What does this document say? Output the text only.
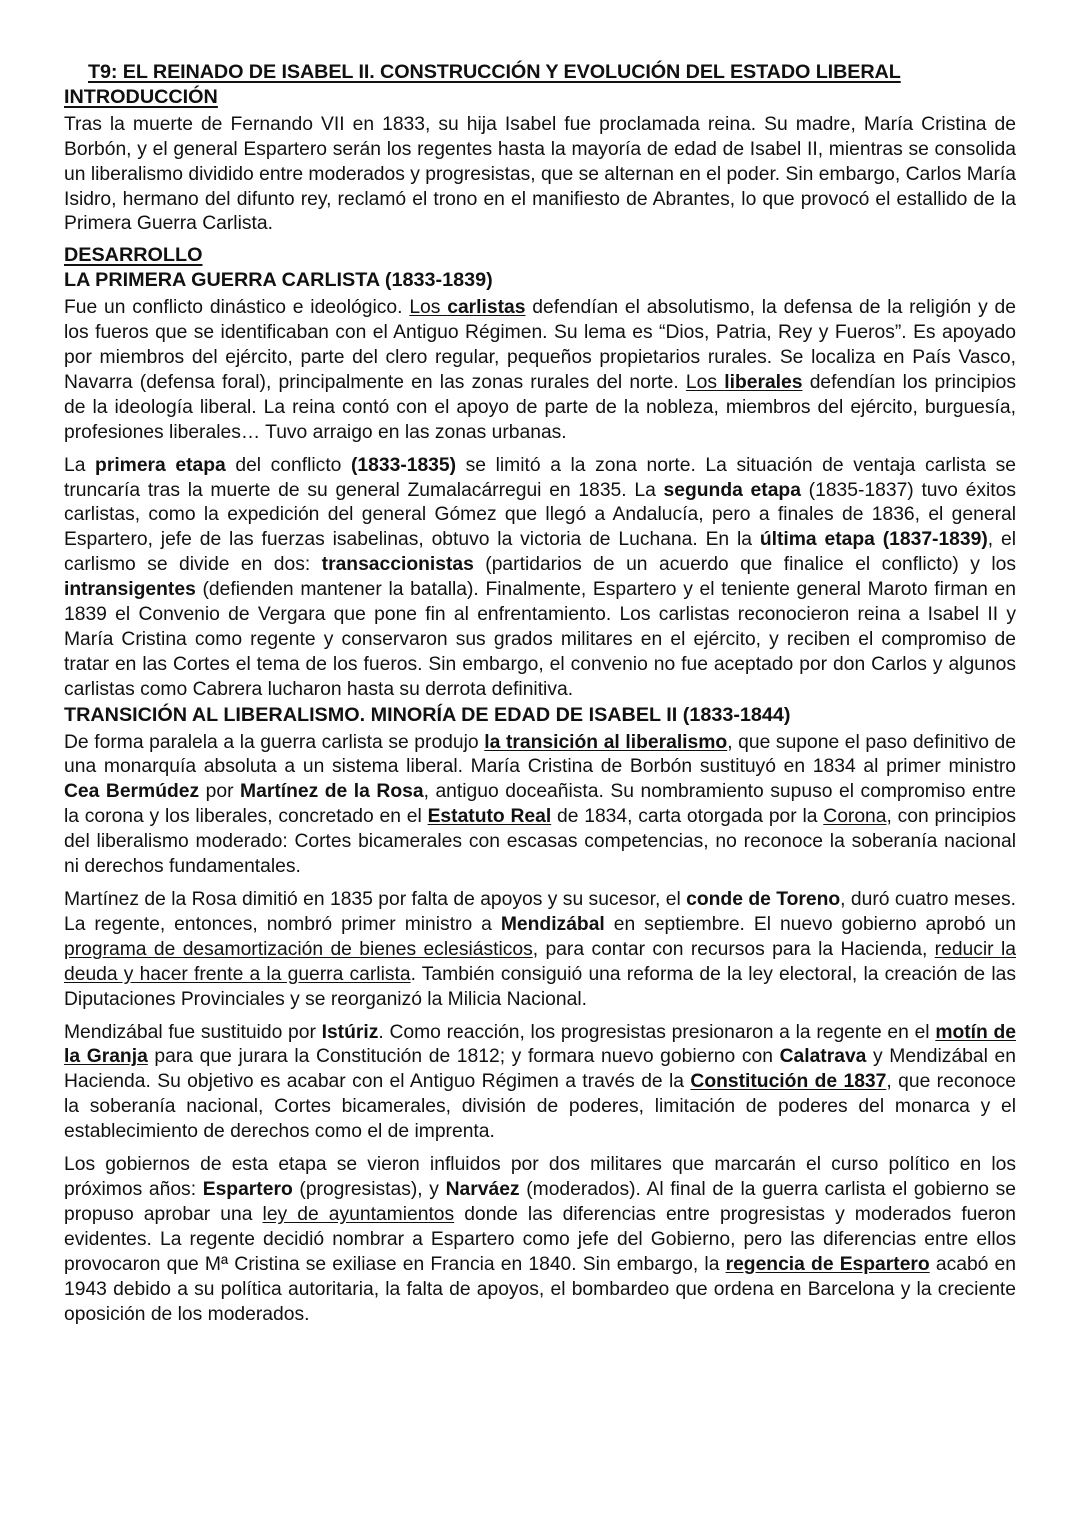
T9: EL REINADO DE ISABEL II. CONSTRUCCIÓN Y EVOLUCIÓN DEL ESTADO LIBERAL
INTRODUCCIÓN

Tras la muerte de Fernando VII en 1833, su hija Isabel fue proclamada reina. Su madre, María Cristina de Borbón, y el general Espartero serán los regentes hasta la mayoría de edad de Isabel II, mientras se consolida un liberalismo dividido entre moderados y progresistas, que se alternan en el poder. Sin embargo, Carlos María Isidro, hermano del difunto rey, reclamó el trono en el manifiesto de Abrantes, lo que provocó el estallido de la Primera Guerra Carlista.

DESARROLLO
LA PRIMERA GUERRA CARLISTA (1833-1839)

Fue un conflicto dinástico e ideológico. Los carlistas defendían el absolutismo, la defensa de la religión y de los fueros que se identificaban con el Antiguo Régimen. Su lema es “Dios, Patria, Rey y Fueros”. Es apoyado por miembros del ejército, parte del clero regular, pequeños propietarios rurales. Se localiza en País Vasco, Navarra (defensa foral), principalmente en las zonas rurales del norte. Los liberales defendían los principios de la ideología liberal. La reina contó con el apoyo de parte de la nobleza, miembros del ejército, burguesía, profesiones liberales… Tuvo arraigo en las zonas urbanas.

La primera etapa del conflicto (1833-1835) se limitó a la zona norte. La situación de ventaja carlista se truncaría tras la muerte de su general Zumalacárregui en 1835. La segunda etapa (1835-1837) tuvo éxitos carlistas, como la expedición del general Gómez que llegó a Andalucía, pero a finales de 1836, el general Espartero, jefe de las fuerzas isabelinas, obtuvo la victoria de Luchana. En la última etapa (1837-1839), el carlismo se divide en dos: transaccionistas (partidarios de un acuerdo que finalice el conflicto) y los intransigentes (defienden mantener la batalla). Finalmente, Espartero y el teniente general Maroto firman en 1839 el Convenio de Vergara que pone fin al enfrentamiento. Los carlistas reconocieron reina a Isabel II y María Cristina como regente y conservaron sus grados militares en el ejército, y reciben el compromiso de tratar en las Cortes el tema de los fueros. Sin embargo, el convenio no fue aceptado por don Carlos y algunos carlistas como Cabrera lucharon hasta su derrota definitiva.

TRANSICIÓN AL LIBERALISMO. MINORÍA DE EDAD DE ISABEL II (1833-1844)

De forma paralela a la guerra carlista se produjo la transición al liberalismo, que supone el paso definitivo de una monarquía absoluta a un sistema liberal. María Cristina de Borbón sustituyó en 1834 al primer ministro Cea Bermúdez por Martínez de la Rosa, antiguo doceañista. Su nombramiento supuso el compromiso entre la corona y los liberales, concretado en el Estatuto Real de 1834, carta otorgada por la Corona, con principios del liberalismo moderado: Cortes bicamerales con escasas competencias, no reconoce la soberanía nacional ni derechos fundamentales.

Martínez de la Rosa dimitió en 1835 por falta de apoyos y su sucesor, el conde de Toreno, duró cuatro meses. La regente, entonces, nombró primer ministro a Mendizábal en septiembre. El nuevo gobierno aprobó un programa de desamortización de bienes eclesiásticos, para contar con recursos para la Hacienda, reducir la deuda y hacer frente a la guerra carlista. También consiguió una reforma de la ley electoral, la creación de las Diputaciones Provinciales y se reorganizó la Milicia Nacional.

Mendizábal fue sustituido por Istúriz. Como reacción, los progresistas presionaron a la regente en el motín de la Granja para que jurara la Constitución de 1812; y formara nuevo gobierno con Calatrava y Mendizábal en Hacienda. Su objetivo es acabar con el Antiguo Régimen a través de la Constitución de 1837, que reconoce la soberanía nacional, Cortes bicamerales, división de poderes, limitación de poderes del monarca y el establecimiento de derechos como el de imprenta.

Los gobiernos de esta etapa se vieron influidos por dos militares que marcarán el curso político en los próximos años: Espartero (progresistas), y Narváez (moderados). Al final de la guerra carlista el gobierno se propuso aprobar una ley de ayuntamientos donde las diferencias entre progresistas y moderados fueron evidentes. La regente decidió nombrar a Espartero como jefe del Gobierno, pero las diferencias entre ellos provocaron que Mª Cristina se exiliase en Francia en 1840. Sin embargo, la regencia de Espartero acabó en 1943 debido a su política autoritaria, la falta de apoyos, el bombardeo que ordena en Barcelona y la creciente oposición de los moderados.
